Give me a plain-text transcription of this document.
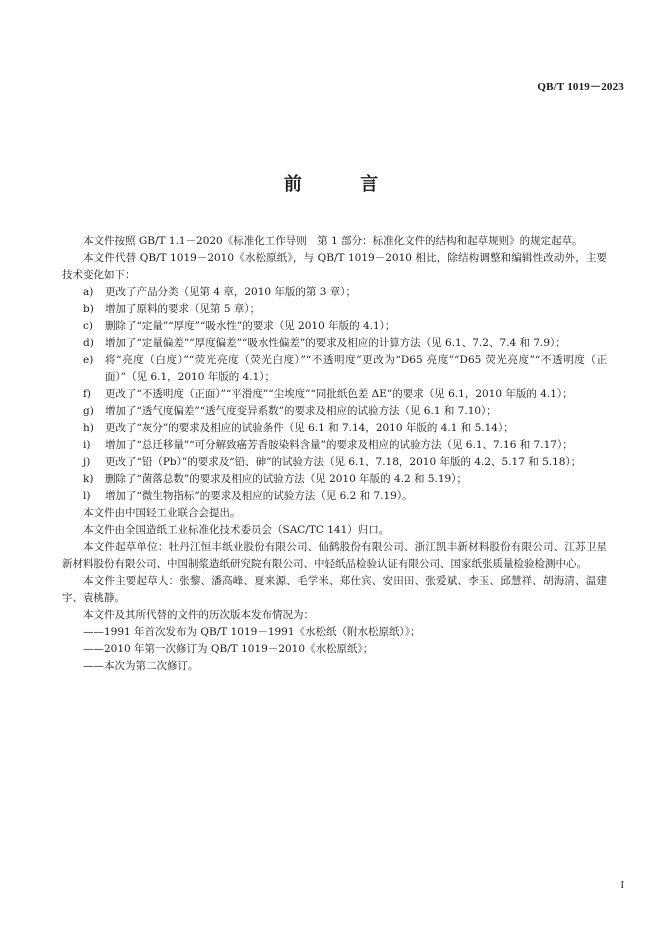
QB/T 1019－2023
前 言

本文件按照 GB/T 1.1－2020《标准化工作导则　第 1 部分：标准化文件的结构和起草规则》的规定起草。

本文件代替 QB/T 1019－2010《水松原纸》，与 QB/T 1019－2010 相比，除结构调整和编辑性改动外，主要技术变化如下：

a) 更改了产品分类（见第 4 章，2010 年版的第 3 章）；

b) 增加了原料的要求（见第 5 章）；

c) 删除了“定量”“厚度”“吸水性”的要求（见 2010 年版的 4.1）；

d) 增加了“定量偏差”“厚度偏差”“吸水性偏差”的要求及相应的计算方法（见 6.1、7.2、7.4 和 7.9）；

e) 将“亮度（白度）”“荧光亮度（荧光白度）”“不透明度”更改为“D65 亮度”“D65 荧光亮度”“不透明度（正面）”（见 6.1，2010 年版的 4.1）；

f) 更改了“不透明度（正面）”“平滑度”“尘埃度”“同批纸色差 ΔE”的要求（见 6.1，2010 年版的 4.1）；

g) 增加了“透气度偏差”“透气度变异系数”的要求及相应的试验方法（见 6.1 和 7.10）；

h) 更改了“灰分”的要求及相应的试验条件（见 6.1 和 7.14，2010 年版的 4.1 和 5.14）；

i) 增加了“总迁移量”“可分解致癌芳香胺染料含量”的要求及相应的试验方法（见 6.1、7.16 和 7.17）；

j) 更改了“铅（Pb）”的要求及“铅、砷”的试验方法（见 6.1、7.18，2010 年版的 4.2、5.17 和 5.18）；

k) 删除了“菌落总数”的要求及相应的试验方法（见 2010 年版的 4.2 和 5.19）；

l) 增加了“微生物指标”的要求及相应的试验方法（见 6.2 和 7.19）。

本文件由中国轻工业联合会提出。

本文件由全国造纸工业标准化技术委员会（SAC/TC 141）归口。

本文件起草单位：牡丹江恒丰纸业股份有限公司、仙鹤股份有限公司、浙江凯丰新材料股份有限公司、江苏卫星新材料股份有限公司、中国制浆造纸研究院有限公司、中轻纸品检验认证有限公司、国家纸张质量检验检测中心。

本文件主要起草人：张黎、潘高峰、夏来源、毛学米、郑仕宾、安田田、张爱斌、李玉、邱慧祥、胡海清、温建宇、袁桃静。

本文件及其所代替的文件的历次版本发布情况为：

——1991 年首次发布为 QB/T 1019－1991《水松纸（附水松原纸）》；

——2010 年第一次修订为 QB/T 1019－2010《水松原纸》；

——本次为第二次修订。

I
